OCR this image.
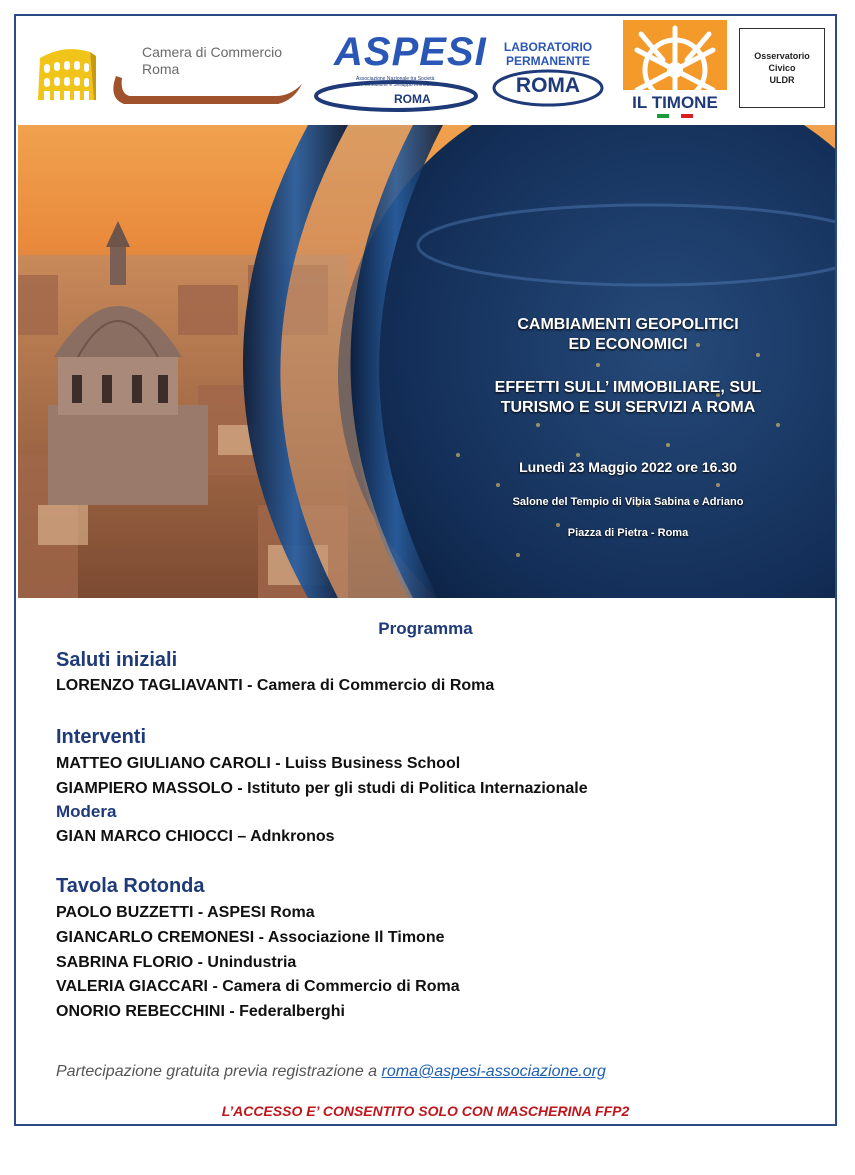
Camera di Commercio
Roma	ASPESI
Associazione Nazionale tra Società
di Promozione e Sviluppo Immobiliare
ROMA
LABORATORIO
PERMANENTE
ROMA
IL TIMONE
Osservatorio
Civico
ULDR
CAMBIAMENTI GEOPOLITICI
ED ECONOMICI
EFFETTI SULL’ IMMOBILIARE, SUL
TURISMO E SUI SERVIZI A ROMA
Lunedì 23 Maggio 2022 ore 16.30
Salone del Tempio di Vibia Sabina e Adriano
Piazza di Pietra - Roma
Programma
Saluti iniziali
LORENZO TAGLIAVANTI - Camera di Commercio di Roma
Interventi
MATTEO GIULIANO CAROLI - Luiss Business School
GIAMPIERO MASSOLO - Istituto per gli studi di Politica Internazionale
Modera
GIAN MARCO CHIOCCI – Adnkronos
Tavola Rotonda
PAOLO BUZZETTI - ASPESI Roma
GIANCARLO CREMONESI - Associazione Il Timone
SABRINA FLORIO - Unindustria
VALERIA GIACCARI - Camera di Commercio di Roma
ONORIO REBECCHINI - Federalberghi
Partecipazione gratuita previa registrazione a roma@aspesi-associazione.org
L’ACCESSO E’ CONSENTITO SOLO CON MASCHERINA FFP2
